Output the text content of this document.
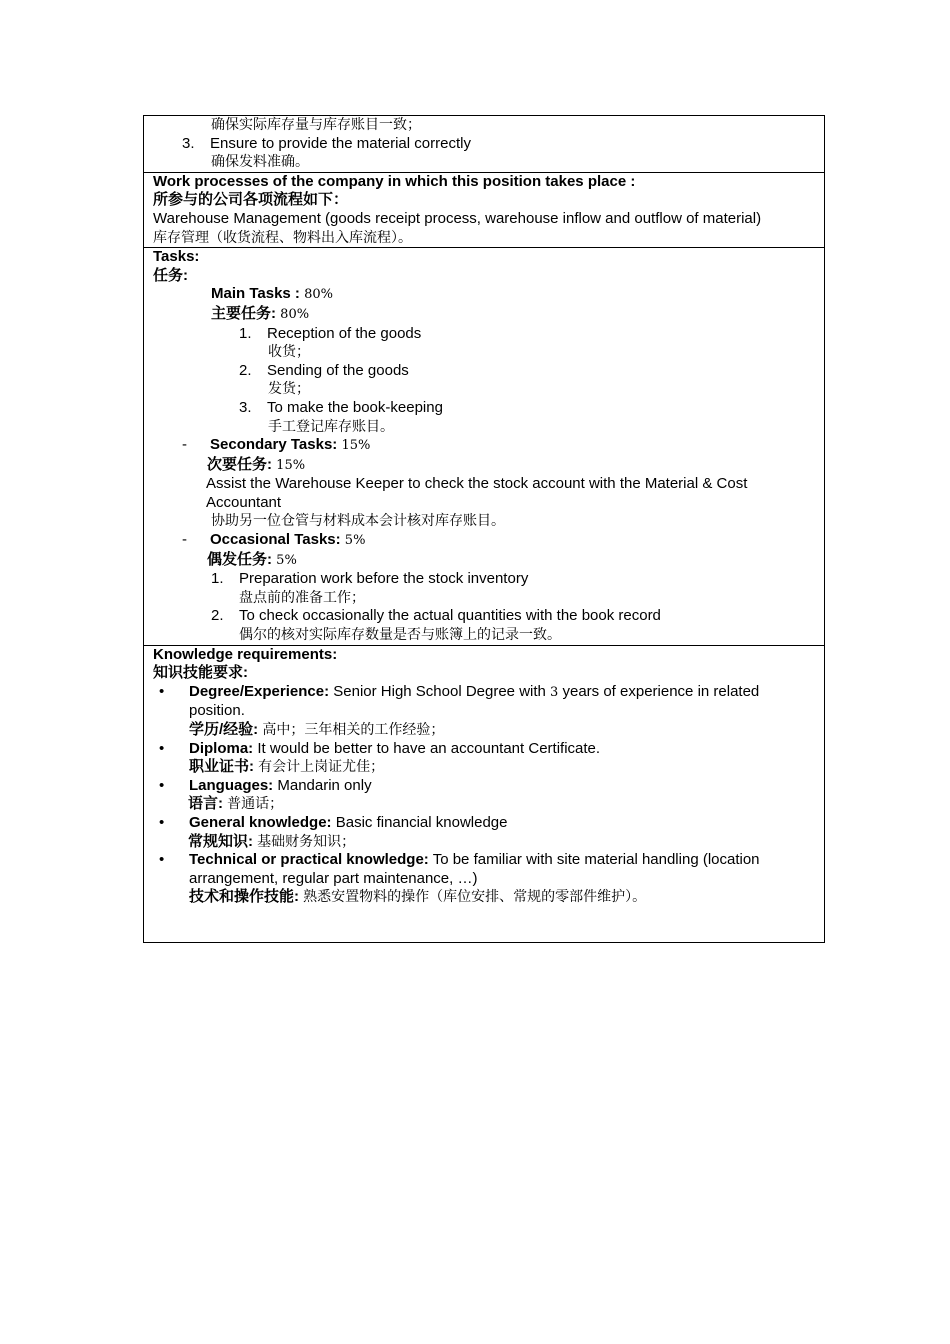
确保实际库存量与库存账目一致；
3. Ensure to provide the material correctly
确保发料准确。

Work processes of the company in which this position takes place :
所参与的公司各项流程如下：
Warehouse Management (goods receipt process, warehouse inflow and outflow of material)
库存管理（收货流程、物料出入库流程）。

Tasks:
任务:
Main Tasks : 80%
主要任务: 80%
1. Reception of the goods
收货；
2. Sending of the goods
发货；
3. To make the book-keeping
手工登记库存账目。
- Secondary Tasks: 15%
次要任务: 15%
Assist the Warehouse Keeper to check the stock account with the Material & Cost
Accountant
协助另一位仓管与材料成本会计核对库存账目。
- Occasional Tasks: 5%
偶发任务: 5%
1. Preparation work before the stock inventory
盘点前的准备工作；
2. To check occasionally the actual quantities with the book record
偶尔的核对实际库存数量是否与账簿上的记录一致。

Knowledge requirements:
知识技能要求:
• Degree/Experience: Senior High School Degree with 3 years of experience in related
position.
学历/经验: 高中；三年相关的工作经验；
• Diploma: It would be better to have an accountant Certificate.
职业证书: 有会计上岗证尤佳；
• Languages: Mandarin only
语言: 普通话；
• General knowledge: Basic financial knowledge
常规知识: 基础财务知识；
• Technical or practical knowledge: To be familiar with site material handling (location
arrangement, regular part maintenance, …)
技术和操作技能: 熟悉安置物料的操作（库位安排、常规的零部件维护）。
